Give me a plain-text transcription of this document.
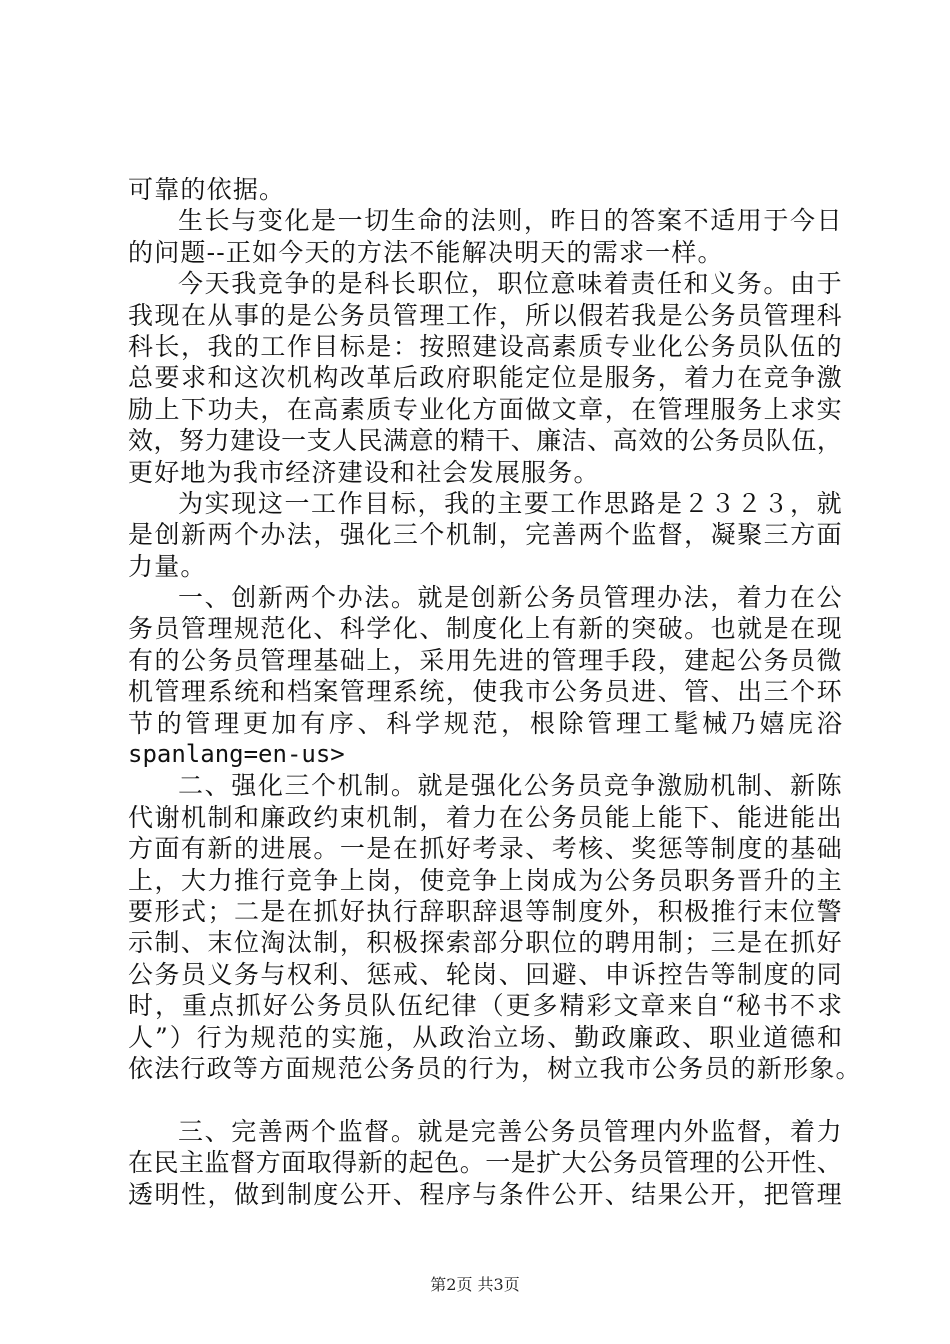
可 靠 的 依 据 。
生 长 与 变 化 是 一 切 生 命 的 法 则 ， 昨 日 的 答 案 不 适 用 于 今 日
的 问 题 - - 正 如 今 天 的 方 法 不 能 解 决 明 天 的 需 求 一 样 。
今 天 我 竞 争 的 是 科 长 职 位 ， 职 位 意 味 着 责 任 和 义 务 。 由 于
我 现 在 从 事 的 是 公 务 员 管 理 工 作 ， 所 以 假 若 我 是 公 务 员 管 理 科
科 长 ， 我 的 工 作 目 标 是 ： 按 照 建 设 高 素 质 专 业 化 公 务 员 队 伍 的
总 要 求 和 这 次 机 构 改 革 后 政 府 职 能 定 位 是 服 务 ， 着 力 在 竞 争 激
励 上 下 功 夫 ， 在 高 素 质 专 业 化 方 面 做 文 章 ， 在 管 理 服 务 上 求 实
效 ， 努 力 建 设 一 支 人 民 满 意 的 精 干 、 廉 洁 、 高 效 的 公 务 员 队 伍 ，
更 好 地 为 我 市 经 济 建 设 和 社 会 发 展 服 务 。
为 实 现 这 一 工 作 目 标 ， 我 的 主 要 工 作 思 路 是 ２ ３ ２ ３ ， 就
是 创 新 两 个 办 法 ， 强 化 三 个 机 制 ， 完 善 两 个 监 督 ， 凝 聚 三 方 面
力 量 。
一 、 创 新 两 个 办 法 。 就 是 创 新 公 务 员 管 理 办 法 ， 着 力 在 公
务 员 管 理 规 范 化 、 科 学 化 、 制 度 化 上 有 新 的 突 破 。 也 就 是 在 现
有 的 公 务 员 管 理 基 础 上 ， 采 用 先 进 的 管 理 手 段 ， 建 起 公 务 员 微
机 管 理 系 统 和 档 案 管 理 系 统 ， 使 我 市 公 务 员 进 、 管 、 出 三 个 环
节 的 管 理 更 加 有 序 、 科 学 规 范 ， 根 除 管 理 工 髦 械 乃 嬉 庑 浴
spanlang=en-us>
二 、 强 化 三 个 机 制 。 就 是 强 化 公 务 员 竞 争 激 励 机 制 、 新 陈
代 谢 机 制 和 廉 政 约 束 机 制 ， 着 力 在 公 务 员 能 上 能 下 、 能 进 能 出
方 面 有 新 的 进 展 。 一 是 在 抓 好 考 录 、 考 核 、 奖 惩 等 制 度 的 基 础
上 ， 大 力 推 行 竞 争 上 岗 ， 使 竞 争 上 岗 成 为 公 务 员 职 务 晋 升 的 主
要 形 式 ； 二 是 在 抓 好 执 行 辞 职 辞 退 等 制 度 外 ， 积 极 推 行 末 位 警
示 制 、 末 位 淘 汰 制 ， 积 极 探 索 部 分 职 位 的 聘 用 制 ； 三 是 在 抓 好
公 务 员 义 务 与 权 利 、 惩 戒 、 轮 岗 、 回 避 、 申 诉 控 告 等 制 度 的 同
时 ， 重 点 抓 好 公 务 员 队 伍 纪 律 （ 更 多 精 彩 文 章 来 自 “ 秘 书 不 求
人 ” ） 行 为 规 范 的 实 施 ， 从 政 治 立 场 、 勤 政 廉 政 、 职 业 道 德 和
依 法 行 政 等 方 面 规 范 公 务 员 的 行 为 ， 树 立 我 市 公 务 员 的 新 形 象 。
三 、 完 善 两 个 监 督 。 就 是 完 善 公 务 员 管 理 内 外 监 督 ， 着 力
在 民 主 监 督 方 面 取 得 新 的 起 色 。 一 是 扩 大 公 务 员 管 理 的 公 开 性 、
透 明 性 ， 做 到 制 度 公 开 、 程 序 与 条 件 公 开 、 结 果 公 开 ， 把 管 理
第2页 共3页
